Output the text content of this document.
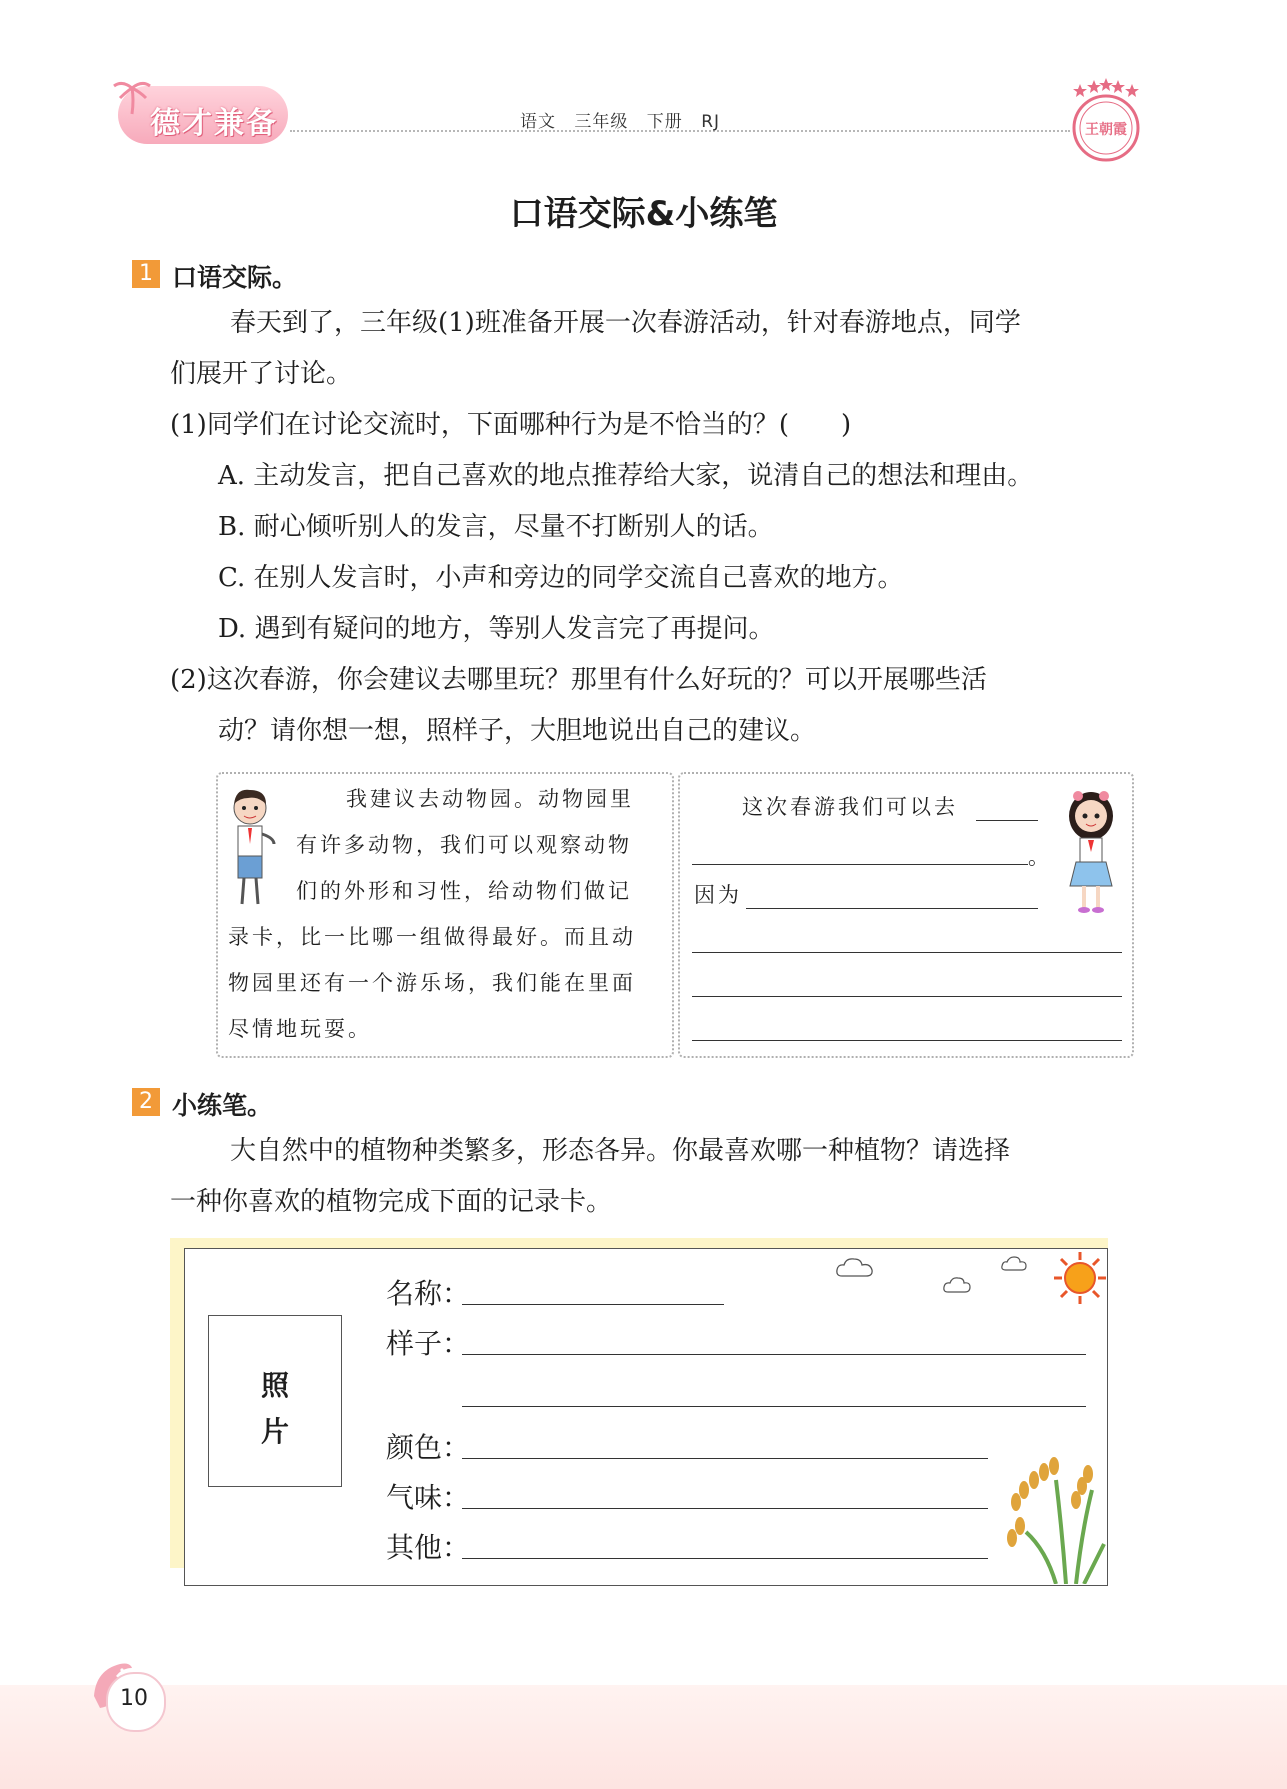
德才兼备	语文 三年级 下册 RJ	王朝霞
口语交际&小练笔
1 口语交际。
春天到了，三年级(1)班准备开展一次春游活动，针对春游地点，同学
们展开了讨论。
(1)同学们在讨论交流时，下面哪种行为是不恰当的？(　　)
A. 主动发言，把自己喜欢的地点推荐给大家，说清自己的想法和理由。
B. 耐心倾听别人的发言，尽量不打断别人的话。
C. 在别人发言时，小声和旁边的同学交流自己喜欢的地方。
D. 遇到有疑问的地方，等别人发言完了再提问。
(2)这次春游，你会建议去哪里玩？那里有什么好玩的？可以开展哪些活
动？请你想一想，照样子，大胆地说出自己的建议。
我建议去动物园。动物园里
有许多动物，我们可以观察动物
们的外形和习性，给动物们做记
录卡，比一比哪一组做得最好。而且动
物园里还有一个游乐场，我们能在里面
尽情地玩耍。
这次春游我们可以去
。
因为
2 小练笔。
大自然中的植物种类繁多，形态各异。你最喜欢哪一种植物？请选择
一种你喜欢的植物完成下面的记录卡。
照
片
名称：
样子：
颜色：
气味：
其他：
10
